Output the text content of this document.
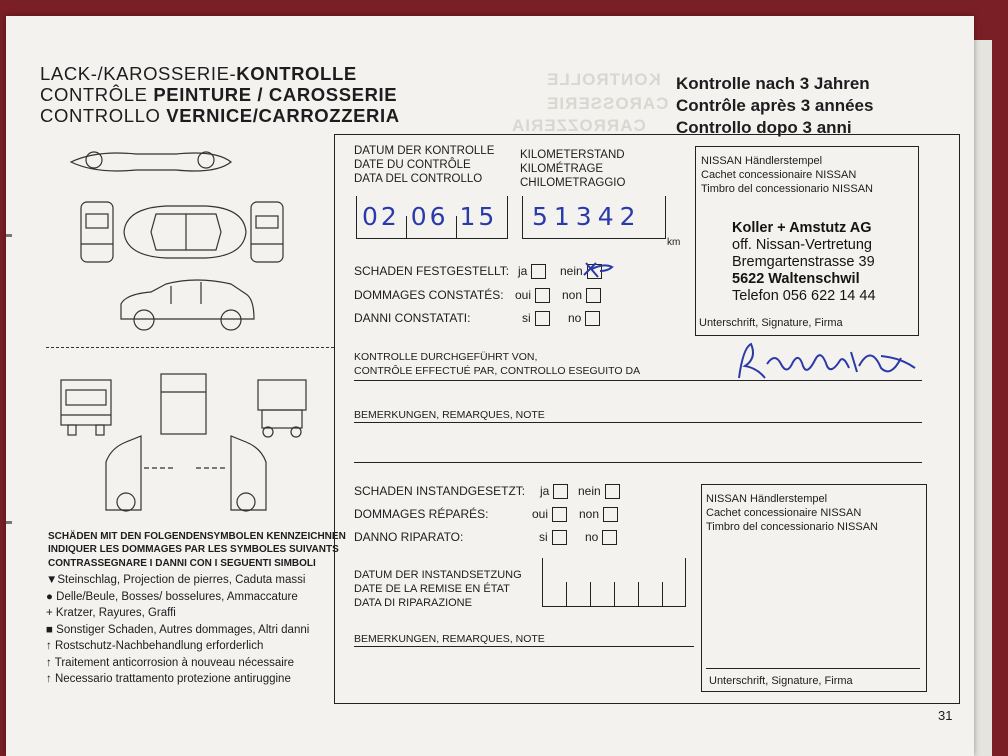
KONTROLLE
CAROSSERIE
CARROZZERIA
LACK-/KAROSSERIE-KONTROLLE
CONTRÔLE PEINTURE / CAROSSERIE
CONTROLLO VERNICE/CARROZZERIA
Kontrolle nach 3 Jahren
Contrôle après 3 années
Controllo dopo 3 anni
SCHÄDEN MIT DEN FOLGENDENSYMBOLEN KENNZEICHNEN
INDIQUER LES DOMMAGES PAR LES SYMBOLES SUIVANTS
CONTRASSEGNARE I DANNI CON I SEGUENTI SIMBOLI
▼Steinschlag, Projection de pierres, Caduta massi
● Delle/Beule, Bosses/ bosselures, Ammaccature
+ Kratzer, Rayures, Graffi
■ Sonstiger Schaden, Autres dommages, Altri danni
↑ Rostschutz-Nachbehandlung erforderlich
↑ Traitement anticorrosion à nouveau nécessaire
↑ Necessario trattamento protezione antiruggine
DATUM DER KONTROLLE
DATE DU CONTRÔLE
DATA DEL CONTROLLO
KILOMETERSTAND
KILOMÉTRAGE
CHILOMETRAGGIO
02 06 15 51342
km
SCHADEN FESTGESTELLT: ja	nein
DOMMAGES CONSTATÉS: oui	non
DANNI CONSTATATI:	si	no
NISSAN Händlerstempel
Cachet concessionaire NISSAN
Timbro del concessionario NISSAN
Koller + Amstutz AG
off. Nissan-Vertretung
Bremgartenstrasse 39
5622 Waltenschwil
Telefon 056 622 14 44
Unterschrift, Signature, Firma
KONTROLLE DURCHGEFÜHRT VON,
CONTRÔLE EFFECTUÉ PAR, CONTROLLO ESEGUITO DA
BEMERKUNGEN, REMARQUES, NOTE
SCHADEN INSTANDGESETZT: ja	nein
DOMMAGES RÉPARÉS:	oui	non
DANNO RIPARATO:	si	no
DATUM DER INSTANDSETZUNG
DATE DE LA REMISE EN ÉTAT
DATA DI RIPARAZIONE
BEMERKUNGEN, REMARQUES, NOTE
NISSAN Händlerstempel
Cachet concessionaire NISSAN
Timbro del concessionario NISSAN
Unterschrift, Signature, Firma
31
